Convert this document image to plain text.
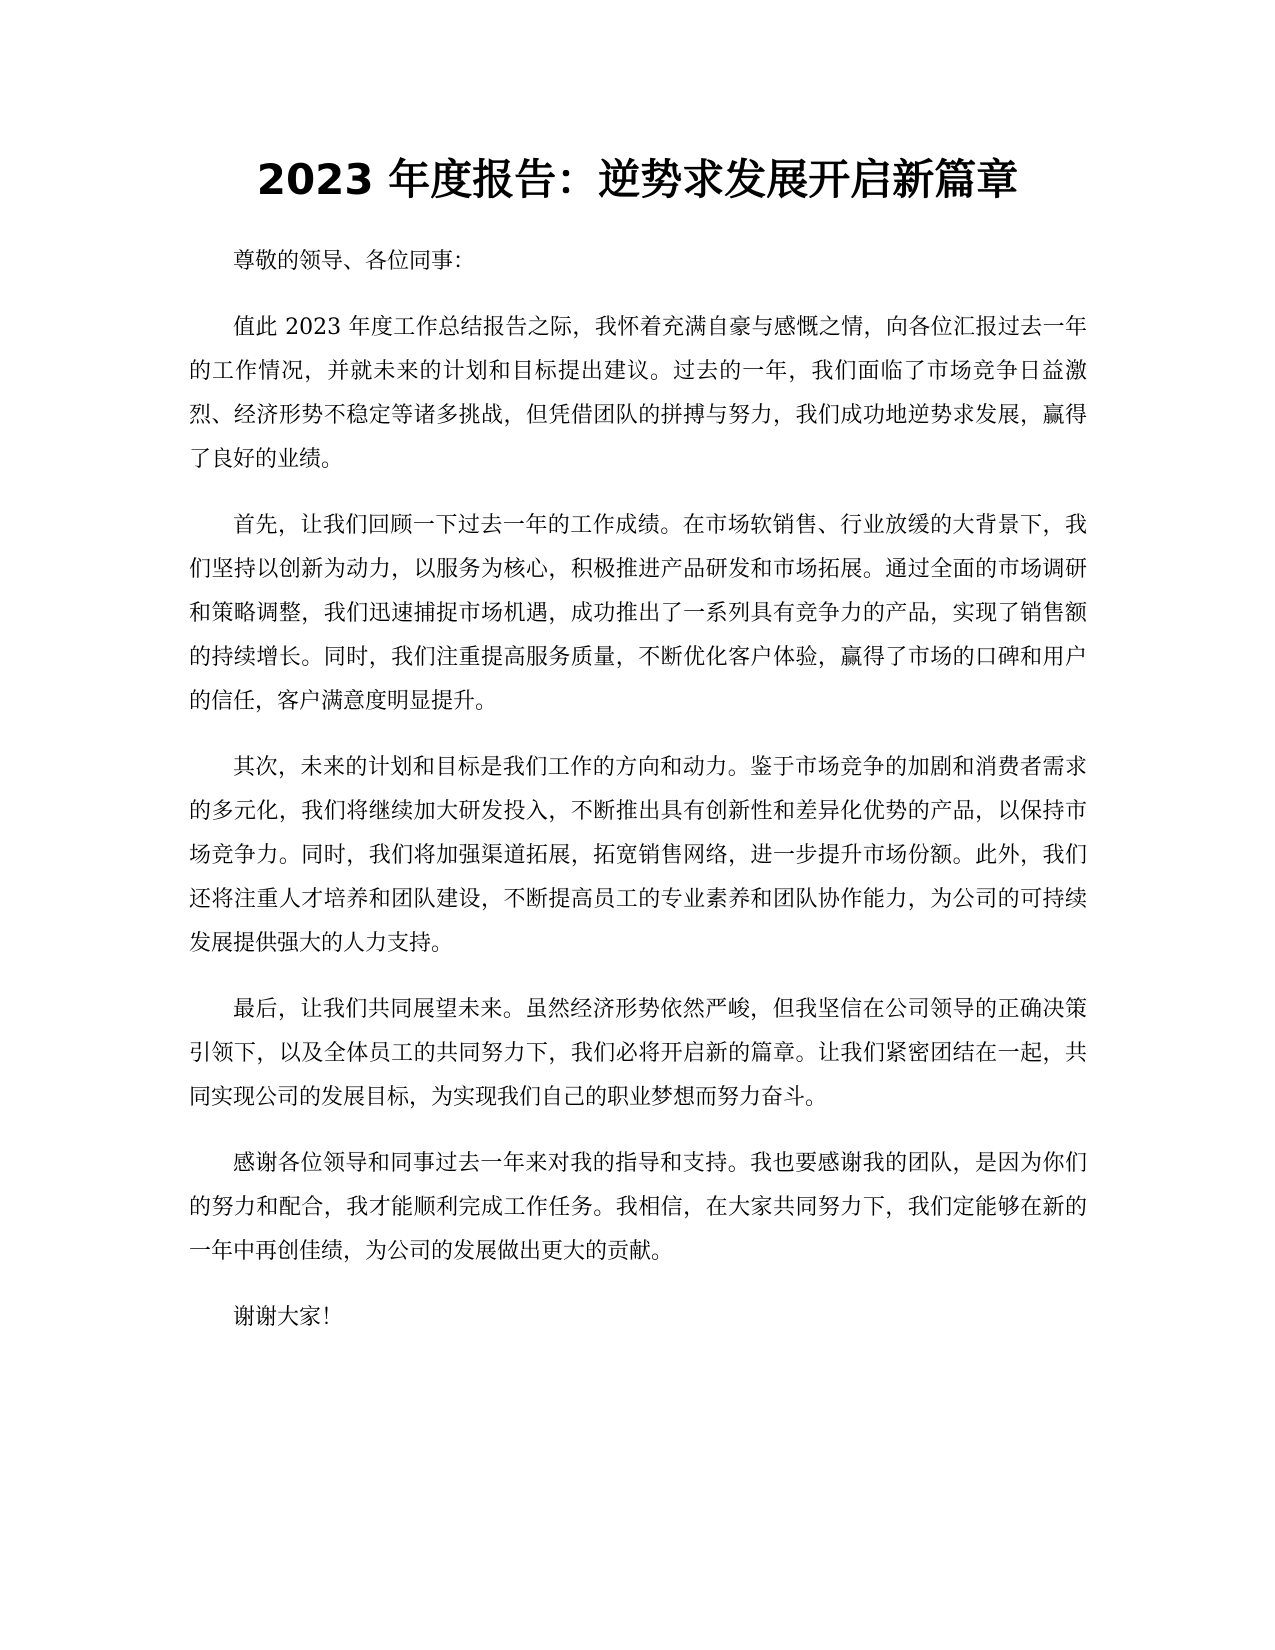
2023 年度报告：逆势求发展开启新篇章

尊敬的领导、各位同事：

值此 2023 年度工作总结报告之际，我怀着充满自豪与感慨之情，向各位汇报过去一年的工作情况，并就未来的计划和目标提出建议。过去的一年，我们面临了市场竞争日益激烈、经济形势不稳定等诸多挑战，但凭借团队的拼搏与努力，我们成功地逆势求发展，赢得了良好的业绩。

首先，让我们回顾一下过去一年的工作成绩。在市场软销售、行业放缓的大背景下，我们坚持以创新为动力，以服务为核心，积极推进产品研发和市场拓展。通过全面的市场调研和策略调整，我们迅速捕捉市场机遇，成功推出了一系列具有竞争力的产品，实现了销售额的持续增长。同时，我们注重提高服务质量，不断优化客户体验，赢得了市场的口碑和用户的信任，客户满意度明显提升。

其次，未来的计划和目标是我们工作的方向和动力。鉴于市场竞争的加剧和消费者需求的多元化，我们将继续加大研发投入，不断推出具有创新性和差异化优势的产品，以保持市场竞争力。同时，我们将加强渠道拓展，拓宽销售网络，进一步提升市场份额。此外，我们还将注重人才培养和团队建设，不断提高员工的专业素养和团队协作能力，为公司的可持续发展提供强大的人力支持。

最后，让我们共同展望未来。虽然经济形势依然严峻，但我坚信在公司领导的正确决策引领下，以及全体员工的共同努力下，我们必将开启新的篇章。让我们紧密团结在一起，共同实现公司的发展目标，为实现我们自己的职业梦想而努力奋斗。

感谢各位领导和同事过去一年来对我的指导和支持。我也要感谢我的团队，是因为你们的努力和配合，我才能顺利完成工作任务。我相信，在大家共同努力下，我们定能够在新的一年中再创佳绩，为公司的发展做出更大的贡献。

谢谢大家！
